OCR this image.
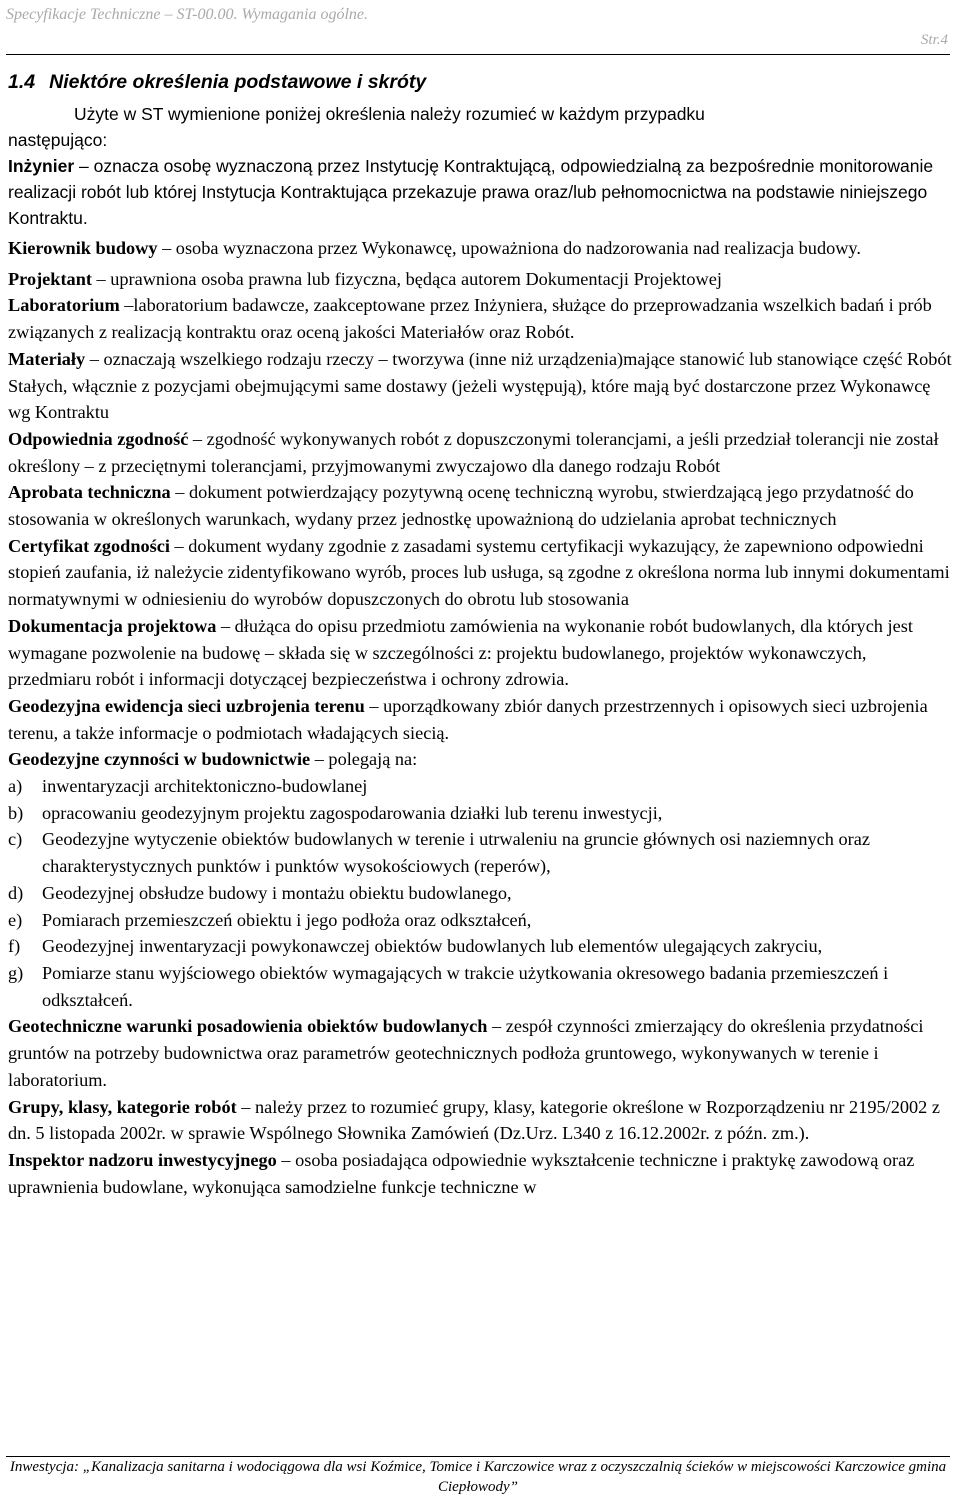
Specyfikacje Techniczne – ST-00.00. Wymagania ogólne.
Str.4
1.4 Niektóre określenia podstawowe i skróty
Użyte w ST wymienione poniżej określenia należy rozumieć w każdym przypadku
następująco:

Inżynier – oznacza osobę wyznaczoną przez Instytucję Kontraktującą, odpowiedzialną za bezpośrednie monitorowanie realizacji robót lub której Instytucja Kontraktująca przekazuje prawa oraz/lub pełnomocnictwa na podstawie niniejszego Kontraktu.

Kierownik budowy – osoba wyznaczona przez Wykonawcę, upoważniona do nadzorowania nad realizacja budowy.

Projektant – uprawniona osoba prawna lub fizyczna, będąca autorem Dokumentacji Projektowej

Laboratorium –laboratorium badawcze, zaakceptowane przez Inżyniera, służące do przeprowadzania wszelkich badań i prób związanych z realizacją kontraktu oraz oceną jakości Materiałów oraz Robót.

Materiały – oznaczają wszelkiego rodzaju rzeczy – tworzywa (inne niż urządzenia)mające stanowić lub stanowiące część Robót Stałych, włącznie z pozycjami obejmującymi same dostawy (jeżeli występują), które mają być dostarczone przez Wykonawcę wg Kontraktu

Odpowiednia zgodność – zgodność wykonywanych robót z dopuszczonymi tolerancjami, a jeśli przedział tolerancji nie został określony – z przeciętnymi tolerancjami, przyjmowanymi zwyczajowo dla danego rodzaju Robót

Aprobata techniczna – dokument potwierdzający pozytywną ocenę techniczną wyrobu, stwierdzającą jego przydatność do stosowania w określonych warunkach, wydany przez jednostkę upoważnioną do udzielania aprobat technicznych

Certyfikat zgodności – dokument wydany zgodnie z zasadami systemu certyfikacji wykazujący, że zapewniono odpowiedni stopień zaufania, iż należycie zidentyfikowano wyrób, proces lub usługa, są zgodne z określona norma lub innymi dokumentami normatywnymi w odniesieniu do wyrobów dopuszczonych do obrotu lub stosowania

Dokumentacja projektowa – dłużąca do opisu przedmiotu zamówienia na wykonanie robót budowlanych, dla których jest wymagane pozwolenie na budowę – składa się w szczególności z: projektu budowlanego, projektów wykonawczych, przedmiaru robót i informacji dotyczącej bezpieczeństwa i ochrony zdrowia.

Geodezyjna ewidencja sieci uzbrojenia terenu – uporządkowany zbiór danych przestrzennych i opisowych sieci uzbrojenia terenu, a także informacje o podmiotach władających siecią.

Geodezyjne czynności w budownictwie – polegają na:

a) inwentaryzacji architektoniczno-budowlanej
b) opracowaniu geodezyjnym projektu zagospodarowania działki lub terenu inwestycji,
c) Geodezyjne wytyczenie obiektów budowlanych w terenie i utrwaleniu na gruncie głównych osi naziemnych oraz charakterystycznych punktów i punktów wysokościowych (reperów),
d) Geodezyjnej obsłudze budowy i montażu obiektu budowlanego,
e) Pomiarach przemieszczeń obiektu i jego podłoża oraz odkształceń,
f) Geodezyjnej inwentaryzacji powykonawczej obiektów budowlanych lub elementów ulegających zakryciu,
g) Pomiarze stanu wyjściowego obiektów wymagających w trakcie użytkowania okresowego badania przemieszczeń i odkształceń.

Geotechniczne warunki posadowienia obiektów budowlanych – zespół czynności zmierzający do określenia przydatności gruntów na potrzeby budownictwa oraz parametrów geotechnicznych podłoża gruntowego, wykonywanych w terenie i laboratorium.

Grupy, klasy, kategorie robót – należy przez to rozumieć grupy, klasy, kategorie określone w Rozporządzeniu nr 2195/2002 z dn. 5 listopada 2002r. w sprawie Wspólnego Słownika Zamówień (Dz.Urz. L340 z 16.12.2002r. z późn. zm.).

Inspektor nadzoru inwestycyjnego – osoba posiadająca odpowiednie wykształcenie techniczne i praktykę zawodową oraz uprawnienia budowlane, wykonująca samodzielne funkcje techniczne w

Inwestycja: „Kanalizacja sanitarna i wodociągowa dla wsi Koźmice, Tomice i Karczowice wraz z oczyszczalnią ścieków w miejscowości Karczowice gmina Ciepłowody”
